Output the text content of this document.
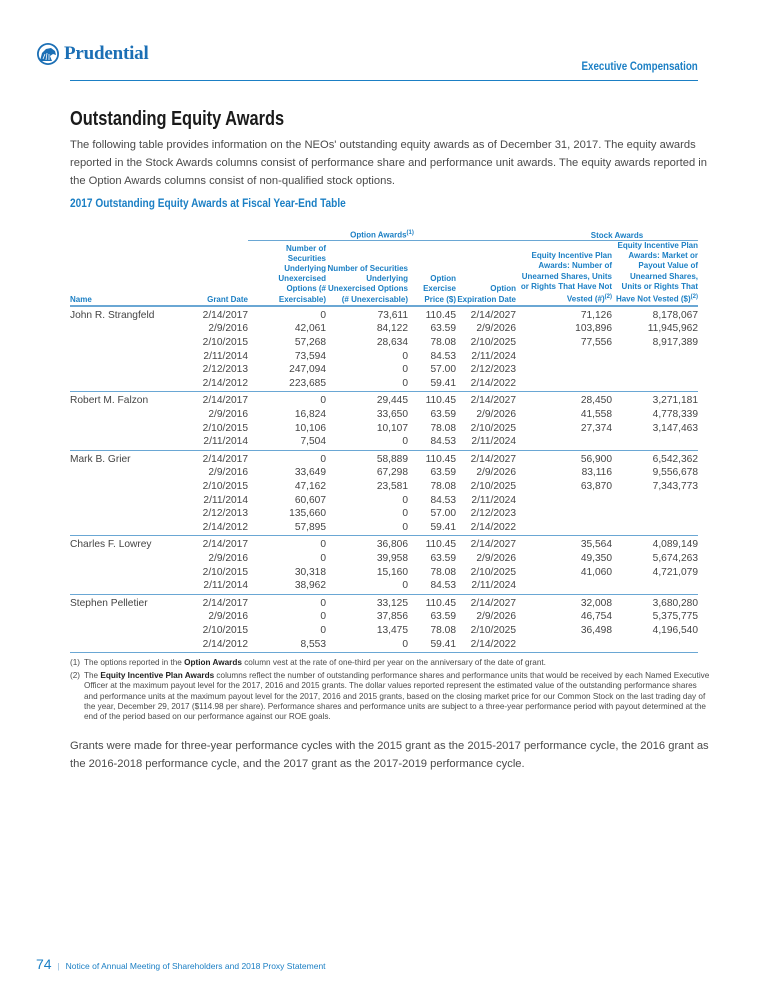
Prudential
Executive Compensation
Outstanding Equity Awards
The following table provides information on the NEOs' outstanding equity awards as of December 31, 2017. The equity awards reported in the Stock Awards columns consist of performance share and performance unit awards. The equity awards reported in the Option Awards columns consist of non-qualified stock options.
2017 Outstanding Equity Awards at Fiscal Year-End Table
		Option Awards$^{(1)}$				Stock Awards	
Name	Grant Date	Number of Securities Underlying Unexercised Options (# Exercisable)	Number of Securities Underlying Unexercised Options (# Unexercisable)	Option Exercise Price ($)	Option Expiration Date	Equity Incentive Plan Awards: Number of Unearned Shares, Units or Rights That Have Not Vested (#)$^{(2)}$	Equity Incentive Plan Awards: Market or Payout Value of Unearned Shares, Units or Rights That Have Not Vested ($)$^{(2)}$
John R. Strangfeld	2/14/2017	0	73,611	110.45	2/14/2027	71,126	8,178,067
	2/9/2016	42,061	84,122	63.59	2/9/2026	103,896	11,945,962
	2/10/2015	57,268	28,634	78.08	2/10/2025	77,556	8,917,389
	2/11/2014	73,594	0	84.53	2/11/2024		
	2/12/2013	247,094	0	57.00	2/12/2023		
	2/14/2012	223,685	0	59.41	2/14/2022		
Robert M. Falzon	2/14/2017	0	29,445	110.45	2/14/2027	28,450	3,271,181
	2/9/2016	16,824	33,650	63.59	2/9/2026	41,558	4,778,339
	2/10/2015	10,106	10,107	78.08	2/10/2025	27,374	3,147,463
	2/11/2014	7,504	0	84.53	2/11/2024		
Mark B. Grier	2/14/2017	0	58,889	110.45	2/14/2027	56,900	6,542,362
	2/9/2016	33,649	67,298	63.59	2/9/2026	83,116	9,556,678
	2/10/2015	47,162	23,581	78.08	2/10/2025	63,870	7,343,773
	2/11/2014	60,607	0	84.53	2/11/2024		
	2/12/2013	135,660	0	57.00	2/12/2023		
	2/14/2012	57,895	0	59.41	2/14/2022		
Charles F. Lowrey	2/14/2017	0	36,806	110.45	2/14/2027	35,564	4,089,149
	2/9/2016	0	39,958	63.59	2/9/2026	49,350	5,674,263
	2/10/2015	30,318	15,160	78.08	2/10/2025	41,060	4,721,079
	2/11/2014	38,962	0	84.53	2/11/2024		
Stephen Pelletier	2/14/2017	0	33,125	110.45	2/14/2027	32,008	3,680,280
	2/9/2016	0	37,856	63.59	2/9/2026	46,754	5,375,775
	2/10/2015	0	13,475	78.08	2/10/2025	36,498	4,196,540
	2/14/2012	8,553	0	59.41	2/14/2022		
(1) The options reported in the Option Awards column vest at the rate of one-third per year on the anniversary of the date of grant.
(2) The Equity Incentive Plan Awards columns reflect the number of outstanding performance shares and performance units that would be received by each Named Executive Officer at the maximum payout level for the 2017, 2016 and 2015 grants. The dollar values reported represent the estimated value of the outstanding performance shares and performance units at the maximum payout level for the 2017, 2016 and 2015 grants, based on the closing market price for our Common Stock on the last trading day of the year, December 29, 2017 ($114.98 per share). Performance shares and performance units are subject to a three-year performance period with payout determined at the end of the period based on our performance against our ROE goals.
Grants were made for three-year performance cycles with the 2015 grant as the 2015-2017 performance cycle, the 2016 grant as the 2016-2018 performance cycle, and the 2017 grant as the 2017-2019 performance cycle.
74 | Notice of Annual Meeting of Shareholders and 2018 Proxy Statement
